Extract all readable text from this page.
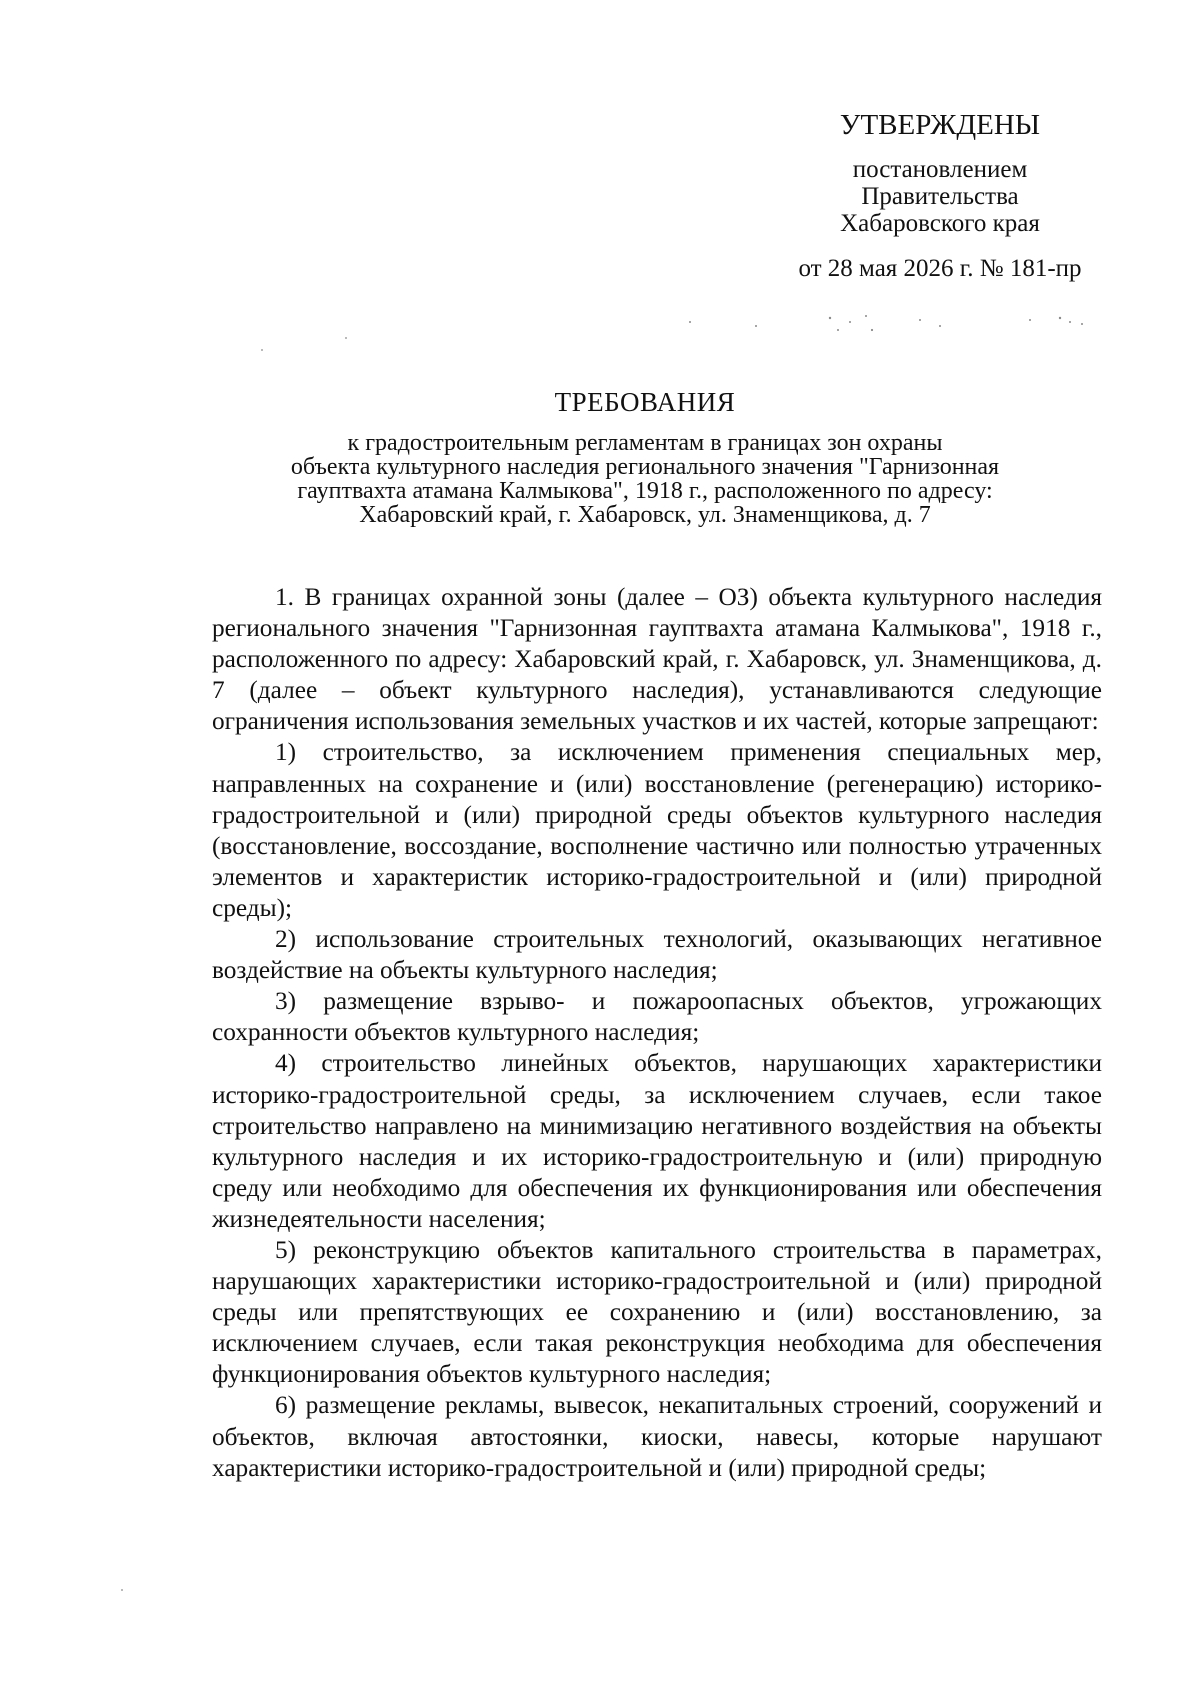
УТВЕРЖДЕНЫ
постановлением
Правительства
Хабаровского края
от 28 мая 2026 г. № 181-пр
ТРЕБОВАНИЯ
к градостроительным регламентам в границах зон охраны
объекта культурного наследия регионального значения "Гарнизонная
гауптвахта атамана Калмыкова", 1918 г., расположенного по адресу:
Хабаровский край, г. Хабаровск, ул. Знаменщикова, д. 7

1. В границах охранной зоны (далее – ОЗ) объекта культурного наследия регионального значения "Гарнизонная гауптвахта атамана Калмыкова", 1918 г., расположенного по адресу: Хабаровский край, г. Хабаровск, ул. Знаменщикова, д. 7 (далее – объект культурного наследия), устанавливаются следующие ограничения использования земельных участков и их частей, которые запрещают:

1) строительство, за исключением применения специальных мер, направленных на сохранение и (или) восстановление (регенерацию) историко-градостроительной и (или) природной среды объектов культурного наследия (восстановление, воссоздание, восполнение частично или полностью утраченных элементов и характеристик историко-градостроительной и (или) природной среды);

2) использование строительных технологий, оказывающих негативное воздействие на объекты культурного наследия;

3) размещение взрыво- и пожароопасных объектов, угрожающих сохранности объектов культурного наследия;

4) строительство линейных объектов, нарушающих характеристики историко-градостроительной среды, за исключением случаев, если такое строительство направлено на минимизацию негативного воздействия на объекты культурного наследия и их историко-градостроительную и (или) природную среду или необходимо для обеспечения их функционирования или обеспечения жизнедеятельности населения;

5) реконструкцию объектов капитального строительства в параметрах, нарушающих характеристики историко-градостроительной и (или) природной среды или препятствующих ее сохранению и (или) восстановлению, за исключением случаев, если такая реконструкция необходима для обеспечения функционирования объектов культурного наследия;

6) размещение рекламы, вывесок, некапитальных строений, сооружений и объектов, включая автостоянки, киоски, навесы, которые нарушают характеристики историко-градостроительной и (или) природной среды;
